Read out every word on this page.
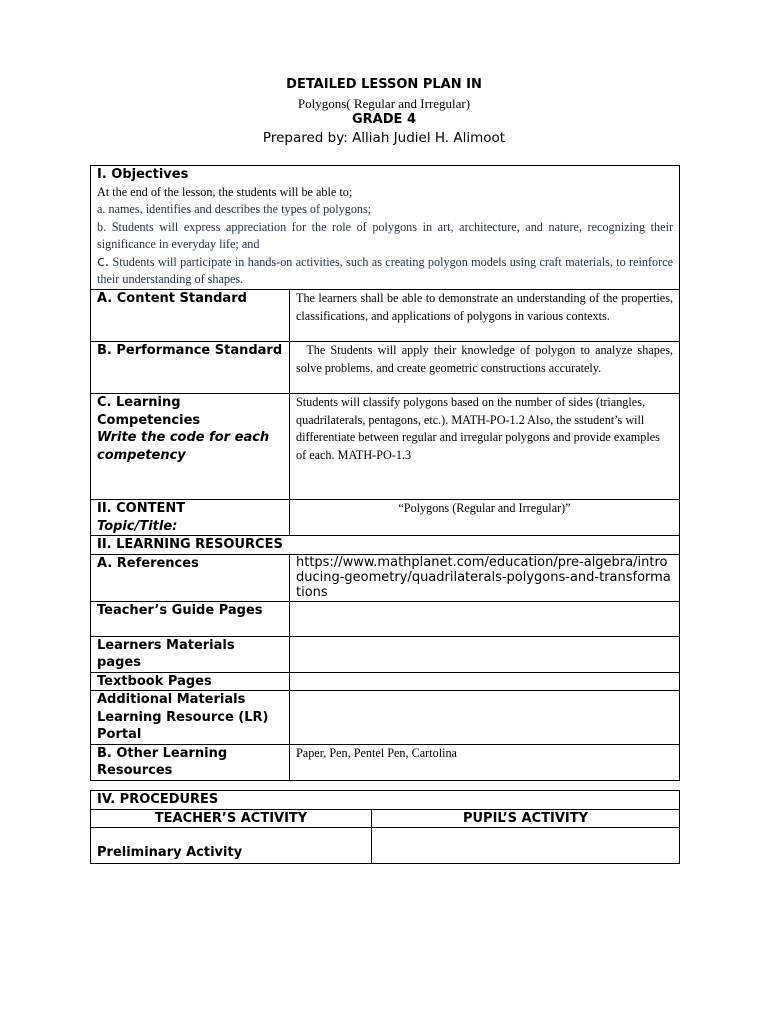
DETAILED LESSON PLAN IN
Polygons( Regular and Irregular)
GRADE 4
Prepared by: Alliah Judiel H. Alimoot
I. Objectives
At the end of the lesson, the students will be able to;
a. names, identifies and describes the types of polygons;
b. Students will express appreciation for the role of polygons in art, architecture, and nature, recognizing their significance in everyday life; and
c. Students will participate in hands-on activities, such as creating polygon models using craft materials, to reinforce their understanding of shapes.	

A. Content Standard	The learners shall be able to demonstrate an understanding of the properties, classifications, and applications of polygons in various contexts.

B. Performance Standard	The Students will apply their knowledge of polygon to analyze shapes, solve problems, and create geometric constructions accurately.

C. Learning Competencies
Write the code for each competency	Students will classify polygons based on the number of sides (triangles, quadrilaterals, pentagons, etc.). MATH-PO-1.2 Also, the sstudent’s will differentiate between regular and irregular polygons and provide examples of each. MATH-PO-1.3

II. CONTENT
Topic/Title:	“Polygons (Regular and Irregular)”

II. LEARNING RESOURCES	

A. References	https://www.mathplanet.com/education/pre-algebra/introducing-geometry/quadrilaterals-polygons-and-transformations

Teacher’s Guide Pages	

Learners Materials pages	

Textbook Pages	

Additional Materials Learning Resource (LR) Portal	

B. Other Learning Resources	Paper, Pen, Pentel Pen, Cartolina
IV. PROCEDURES	
TEACHER’S ACTIVITY	PUPIL’S ACTIVITY
Preliminary Activity	
